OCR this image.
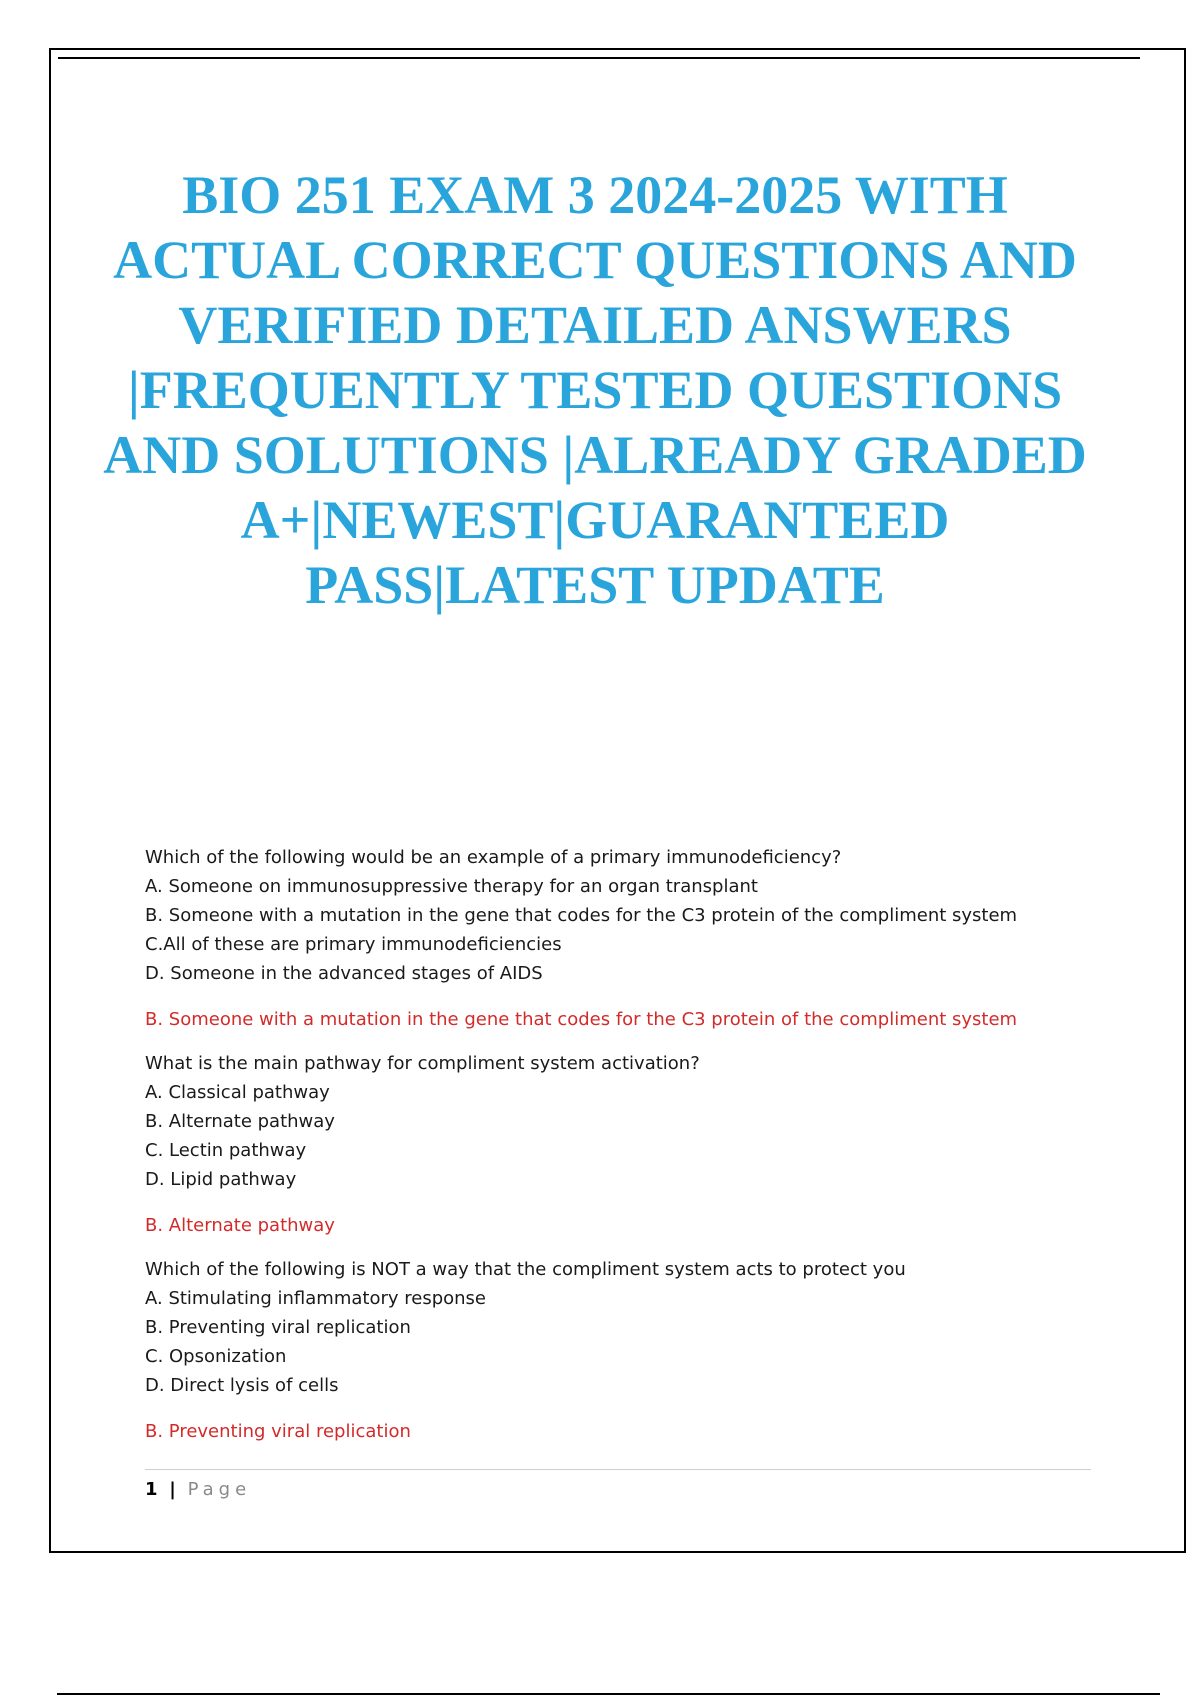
BIO 251 EXAM 3 2024-2025 WITH ACTUAL CORRECT QUESTIONS AND VERIFIED DETAILED ANSWERS |FREQUENTLY TESTED QUESTIONS AND SOLUTIONS |ALREADY GRADED A+|NEWEST|GUARANTEED PASS|LATEST UPDATE
Which of the following would be an example of a primary immunodeficiency?
A. Someone on immunosuppressive therapy for an organ transplant
B. Someone with a mutation in the gene that codes for the C3 protein of the compliment system
C.All of these are primary immunodeficiencies
D. Someone in the advanced stages of AIDS
B. Someone with a mutation in the gene that codes for the C3 protein of the compliment system
What is the main pathway for compliment system activation?
A. Classical pathway
B. Alternate pathway
C. Lectin pathway
D. Lipid pathway
B. Alternate pathway
Which of the following is NOT a way that the compliment system acts to protect you
A. Stimulating inflammatory response
B. Preventing viral replication
C. Opsonization
D. Direct lysis of cells
B. Preventing viral replication
1 | Page
